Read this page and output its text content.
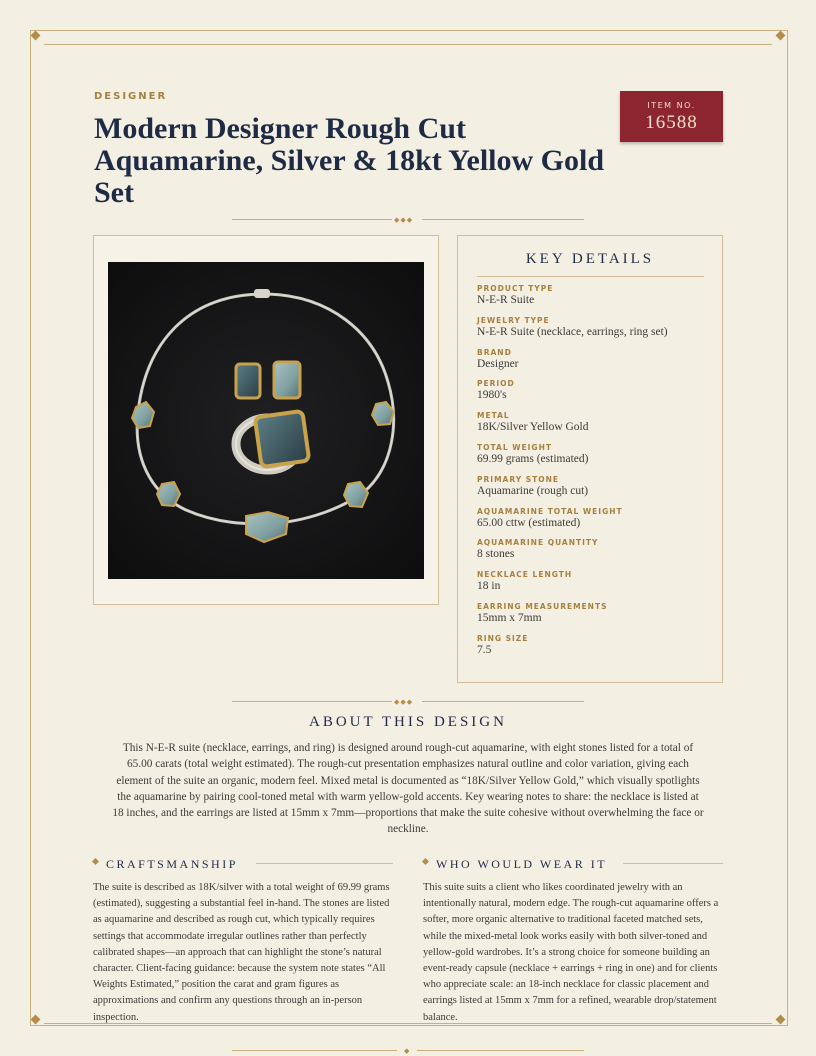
DESIGNER
Modern Designer Rough Cut Aquamarine, Silver & 18kt Yellow Gold Set
ITEM NO.
16588
◆◆◆
KEY DETAILS
PRODUCT TYPE
N-E-R Suite
JEWELRY TYPE
N-E-R Suite (necklace, earrings, ring set)
BRAND
Designer
PERIOD
1980's
METAL
18K/Silver Yellow Gold
TOTAL WEIGHT
69.99 grams (estimated)
PRIMARY STONE
Aquamarine (rough cut)
AQUAMARINE TOTAL WEIGHT
65.00 cttw (estimated)
AQUAMARINE QUANTITY
8 stones
NECKLACE LENGTH
18 in
EARRING MEASUREMENTS
15mm x 7mm
RING SIZE
7.5
◆◆◆
ABOUT THIS DESIGN

This N-E-R suite (necklace, earrings, and ring) is designed around rough-cut aquamarine, with eight stones listed for a total of 65.00 carats (total weight estimated). The rough-cut presentation emphasizes natural outline and color variation, giving each element of the suite an organic, modern feel. Mixed metal is documented as “18K/Silver Yellow Gold,” which visually spotlights the aquamarine by pairing cool-toned metal with warm yellow-gold accents. Key wearing notes to share: the necklace is listed at 18 inches, and the earrings are listed at 15mm x 7mm—proportions that make the suite cohesive without overwhelming the face or neckline.

CRAFTSMANSHIP

The suite is described as 18K/silver with a total weight of 69.99 grams (estimated), suggesting a substantial feel in-hand. The stones are listed as aquamarine and described as rough cut, which typically requires settings that accommodate irregular outlines rather than perfectly calibrated shapes—an approach that can highlight the stone’s natural character. Client-facing guidance: because the system note states “All Weights Estimated,” position the carat and gram figures as approximations and confirm any questions through an in-person inspection.

WHO WOULD WEAR IT

This suite suits a client who likes coordinated jewelry with an intentionally natural, modern edge. The rough-cut aquamarine offers a softer, more organic alternative to traditional faceted matched sets, while the mixed-metal look works easily with both silver-toned and yellow-gold wardrobes. It’s a strong choice for someone building an event-ready capsule (necklace + earrings + ring in one) and for clients who appreciate scale: an 18-inch necklace for classic placement and earrings listed at 15mm x 7mm for a refined, wearable drop/statement balance.

◆
